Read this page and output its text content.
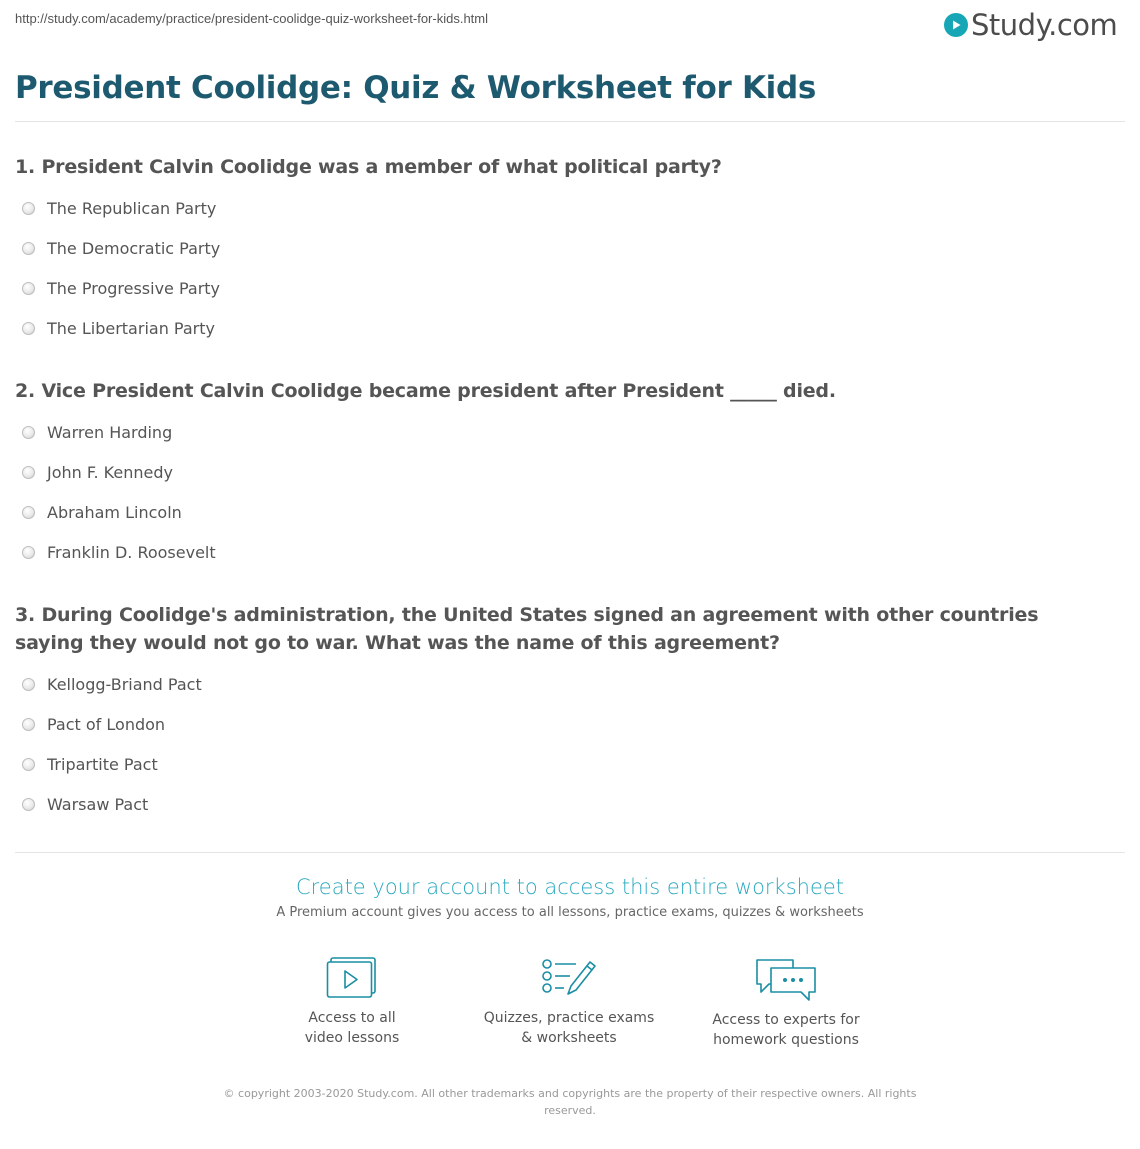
http://study.com/academy/practice/president-coolidge-quiz-worksheet-for-kids.html	Study.com
President Coolidge: Quiz & Worksheet for Kids
1. President Calvin Coolidge was a member of what political party?
The Republican Party
The Democratic Party
The Progressive Party
The Libertarian Party
2. Vice President Calvin Coolidge became president after President _____ died.
Warren Harding
John F. Kennedy
Abraham Lincoln
Franklin D. Roosevelt
3. During Coolidge's administration, the United States signed an agreement with other countries saying they would not go to war. What was the name of this agreement?
Kellogg-Briand Pact
Pact of London
Tripartite Pact
Warsaw Pact
Create your account to access this entire worksheet
A Premium account gives you access to all lessons, practice exams, quizzes & worksheets
Access to all
video lessons
Quizzes, practice exams
& worksheets
Access to experts for
homework questions
© copyright 2003-2020 Study.com. All other trademarks and copyrights are the property of their respective owners. All rights reserved.
